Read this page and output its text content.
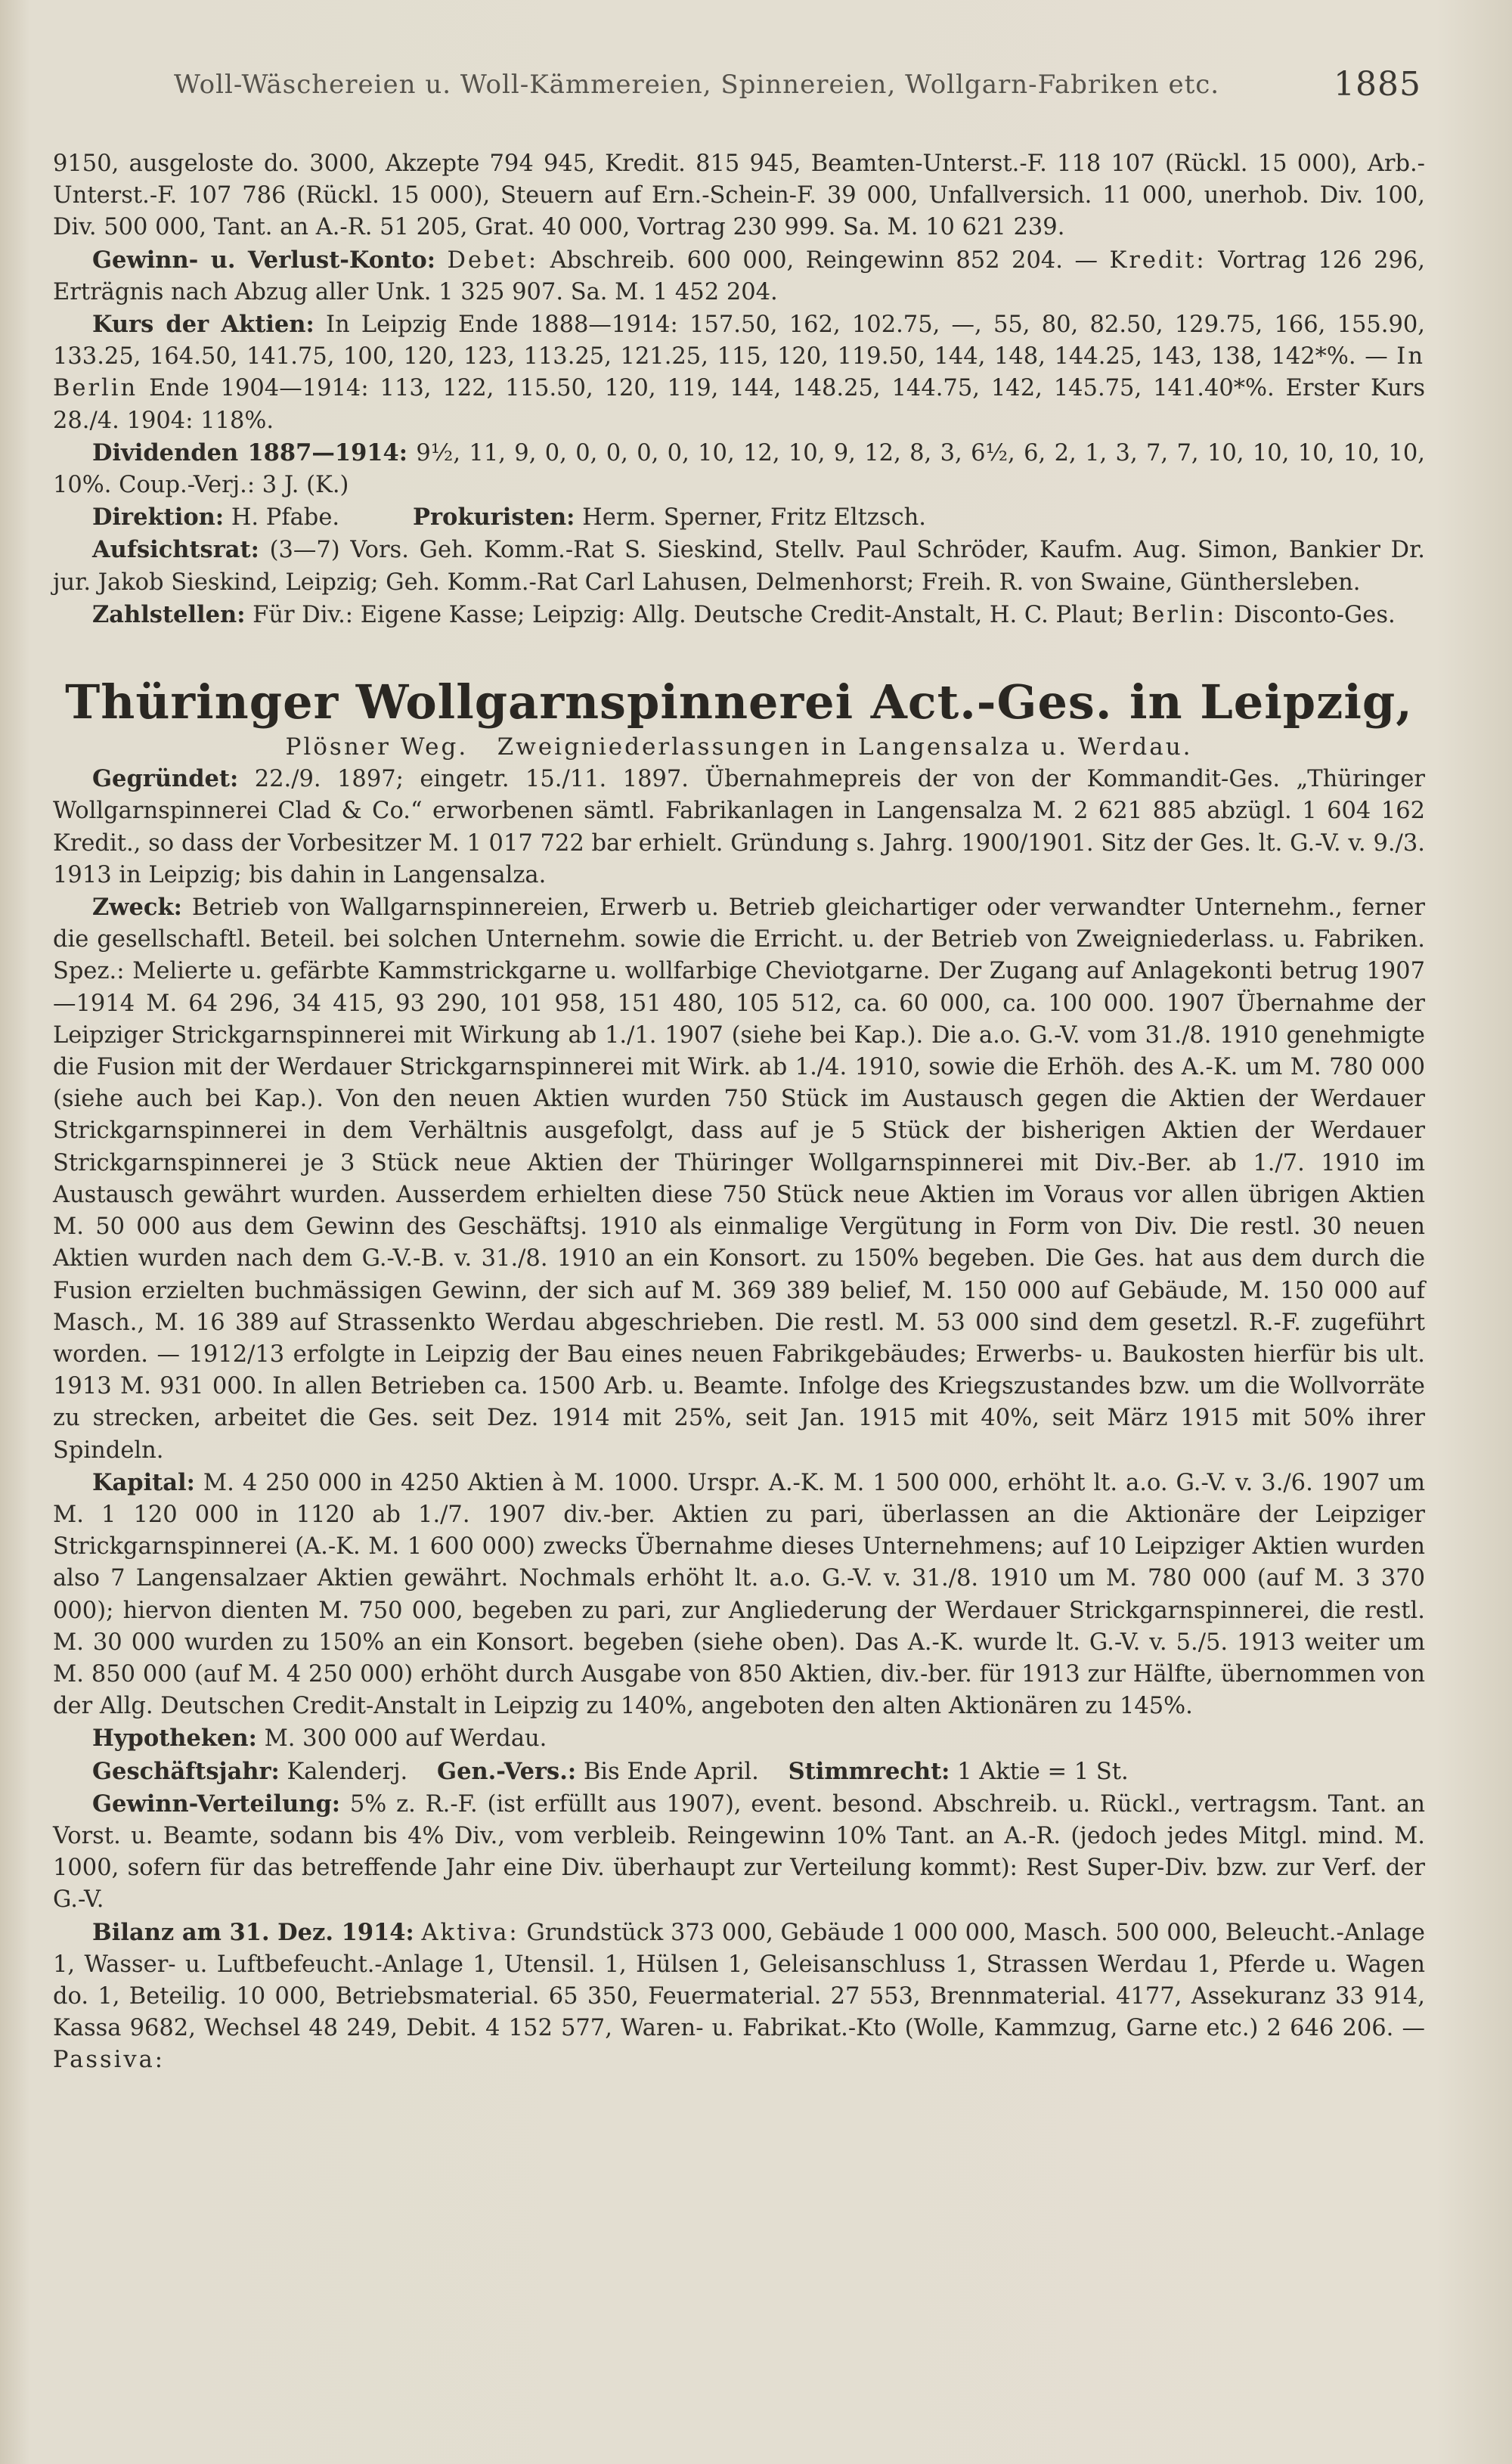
Woll-Wäschereien u. Woll-Kämmereien, Spinnereien, Wollgarn-Fabriken etc.	1885

9150, ausgeloste do. 3000, Akzepte 794 945, Kredit. 815 945, Beamten-Unterst.-F. 118 107 (Rückl. 15 000), Arb.-Unterst.-F. 107 786 (Rückl. 15 000), Steuern auf Ern.-Schein-F. 39 000, Unfallversich. 11 000, unerhob. Div. 100, Div. 500 000, Tant. an A.-R. 51 205, Grat. 40 000, Vortrag 230 999. Sa. M. 10 621 239.

Gewinn- u. Verlust-Konto: Debet: Abschreib. 600 000, Reingewinn 852 204. — Kredit: Vortrag 126 296, Erträgnis nach Abzug aller Unk. 1 325 907. Sa. M. 1 452 204.

Kurs der Aktien: In Leipzig Ende 1888—1914: 157.50, 162, 102.75, —, 55, 80, 82.50, 129.75, 166, 155.90, 133.25, 164.50, 141.75, 100, 120, 123, 113.25, 121.25, 115, 120, 119.50, 144, 148, 144.25, 143, 138, 142*%. — In Berlin Ende 1904—1914: 113, 122, 115.50, 120, 119, 144, 148.25, 144.75, 142, 145.75, 141.40*%. Erster Kurs 28./4. 1904: 118%.

Dividenden 1887—1914: 9½, 11, 9, 0, 0, 0, 0, 0, 10, 12, 10, 9, 12, 8, 3, 6½, 6, 2, 1, 3, 7, 7, 10, 10, 10, 10, 10, 10%. Coup.-Verj.: 3 J. (K.)

Direktion: H. Pfabe.	Prokuristen: Herm. Sperner, Fritz Eltzsch.

Aufsichtsrat: (3—7) Vors. Geh. Komm.-Rat S. Sieskind, Stellv. Paul Schröder, Kaufm. Aug. Simon, Bankier Dr. jur. Jakob Sieskind, Leipzig; Geh. Komm.-Rat Carl Lahusen, Delmenhorst; Freih. R. von Swaine, Günthersleben.

Zahlstellen: Für Div.: Eigene Kasse; Leipzig: Allg. Deutsche Credit-Anstalt, H. C. Plaut; Berlin: Disconto-Ges.

Thüringer Wollgarnspinnerei Act.-Ges. in Leipzig,

Plösner Weg. Zweigniederlassungen in Langensalza u. Werdau.

Gegründet: 22./9. 1897; eingetr. 15./11. 1897. Übernahmepreis der von der Kommandit-Ges. „Thüringer Wollgarnspinnerei Clad & Co.“ erworbenen sämtl. Fabrikanlagen in Langensalza M. 2 621 885 abzügl. 1 604 162 Kredit., so dass der Vorbesitzer M. 1 017 722 bar erhielt. Gründung s. Jahrg. 1900/1901. Sitz der Ges. lt. G.-V. v. 9./3. 1913 in Leipzig; bis dahin in Langensalza.

Zweck: Betrieb von Wallgarnspinnereien, Erwerb u. Betrieb gleichartiger oder verwandter Unternehm., ferner die gesellschaftl. Beteil. bei solchen Unternehm. sowie die Erricht. u. der Betrieb von Zweigniederlass. u. Fabriken. Spez.: Melierte u. gefärbte Kammstrickgarne u. wollfarbige Cheviotgarne. Der Zugang auf Anlagekonti betrug 1907—1914 M. 64 296, 34 415, 93 290, 101 958, 151 480, 105 512, ca. 60 000, ca. 100 000. 1907 Übernahme der Leipziger Strickgarnspinnerei mit Wirkung ab 1./1. 1907 (siehe bei Kap.). Die a.o. G.-V. vom 31./8. 1910 genehmigte die Fusion mit der Werdauer Strickgarnspinnerei mit Wirk. ab 1./4. 1910, sowie die Erhöh. des A.-K. um M. 780 000 (siehe auch bei Kap.). Von den neuen Aktien wurden 750 Stück im Austausch gegen die Aktien der Werdauer Strickgarnspinnerei in dem Verhältnis ausgefolgt, dass auf je 5 Stück der bisherigen Aktien der Werdauer Strickgarnspinnerei je 3 Stück neue Aktien der Thüringer Wollgarnspinnerei mit Div.-Ber. ab 1./7. 1910 im Austausch gewährt wurden. Ausserdem erhielten diese 750 Stück neue Aktien im Voraus vor allen übrigen Aktien M. 50 000 aus dem Gewinn des Geschäftsj. 1910 als einmalige Vergütung in Form von Div. Die restl. 30 neuen Aktien wurden nach dem G.-V.-B. v. 31./8. 1910 an ein Konsort. zu 150% begeben. Die Ges. hat aus dem durch die Fusion erzielten buchmässigen Gewinn, der sich auf M. 369 389 belief, M. 150 000 auf Gebäude, M. 150 000 auf Masch., M. 16 389 auf Strassenkto Werdau abgeschrieben. Die restl. M. 53 000 sind dem gesetzl. R.-F. zugeführt worden. — 1912/13 erfolgte in Leipzig der Bau eines neuen Fabrikgebäudes; Erwerbs- u. Baukosten hierfür bis ult. 1913 M. 931 000. In allen Betrieben ca. 1500 Arb. u. Beamte. Infolge des Kriegszustandes bzw. um die Wollvorräte zu strecken, arbeitet die Ges. seit Dez. 1914 mit 25%, seit Jan. 1915 mit 40%, seit März 1915 mit 50% ihrer Spindeln.

Kapital: M. 4 250 000 in 4250 Aktien à M. 1000. Urspr. A.-K. M. 1 500 000, erhöht lt. a.o. G.-V. v. 3./6. 1907 um M. 1 120 000 in 1120 ab 1./7. 1907 div.-ber. Aktien zu pari, überlassen an die Aktionäre der Leipziger Strickgarnspinnerei (A.-K. M. 1 600 000) zwecks Übernahme dieses Unternehmens; auf 10 Leipziger Aktien wurden also 7 Langensalzaer Aktien gewährt. Nochmals erhöht lt. a.o. G.-V. v. 31./8. 1910 um M. 780 000 (auf M. 3 370 000); hiervon dienten M. 750 000, begeben zu pari, zur Angliederung der Werdauer Strickgarnspinnerei, die restl. M. 30 000 wurden zu 150% an ein Konsort. begeben (siehe oben). Das A.-K. wurde lt. G.-V. v. 5./5. 1913 weiter um M. 850 000 (auf M. 4 250 000) erhöht durch Ausgabe von 850 Aktien, div.-ber. für 1913 zur Hälfte, übernommen von der Allg. Deutschen Credit-Anstalt in Leipzig zu 140%, angeboten den alten Aktionären zu 145%.

Hypotheken: M. 300 000 auf Werdau.

Geschäftsjahr: Kalenderj. Gen.-Vers.: Bis Ende April. Stimmrecht: 1 Aktie = 1 St.

Gewinn-Verteilung: 5% z. R.-F. (ist erfüllt aus 1907), event. besond. Abschreib. u. Rückl., vertragsm. Tant. an Vorst. u. Beamte, sodann bis 4% Div., vom verbleib. Reingewinn 10% Tant. an A.-R. (jedoch jedes Mitgl. mind. M. 1000, sofern für das betreffende Jahr eine Div. überhaupt zur Verteilung kommt): Rest Super-Div. bzw. zur Verf. der G.-V.

Bilanz am 31. Dez. 1914: Aktiva: Grundstück 373 000, Gebäude 1 000 000, Masch. 500 000, Beleucht.-Anlage 1, Wasser- u. Luftbefeucht.-Anlage 1, Utensil. 1, Hülsen 1, Geleisanschluss 1, Strassen Werdau 1, Pferde u. Wagen do. 1, Beteilig. 10 000, Betriebsmaterial. 65 350, Feuermaterial. 27 553, Brennmaterial. 4177, Assekuranz 33 914, Kassa 9682, Wechsel 48 249, Debit. 4 152 577, Waren- u. Fabrikat.-Kto (Wolle, Kammzug, Garne etc.) 2 646 206. — Passiva:
